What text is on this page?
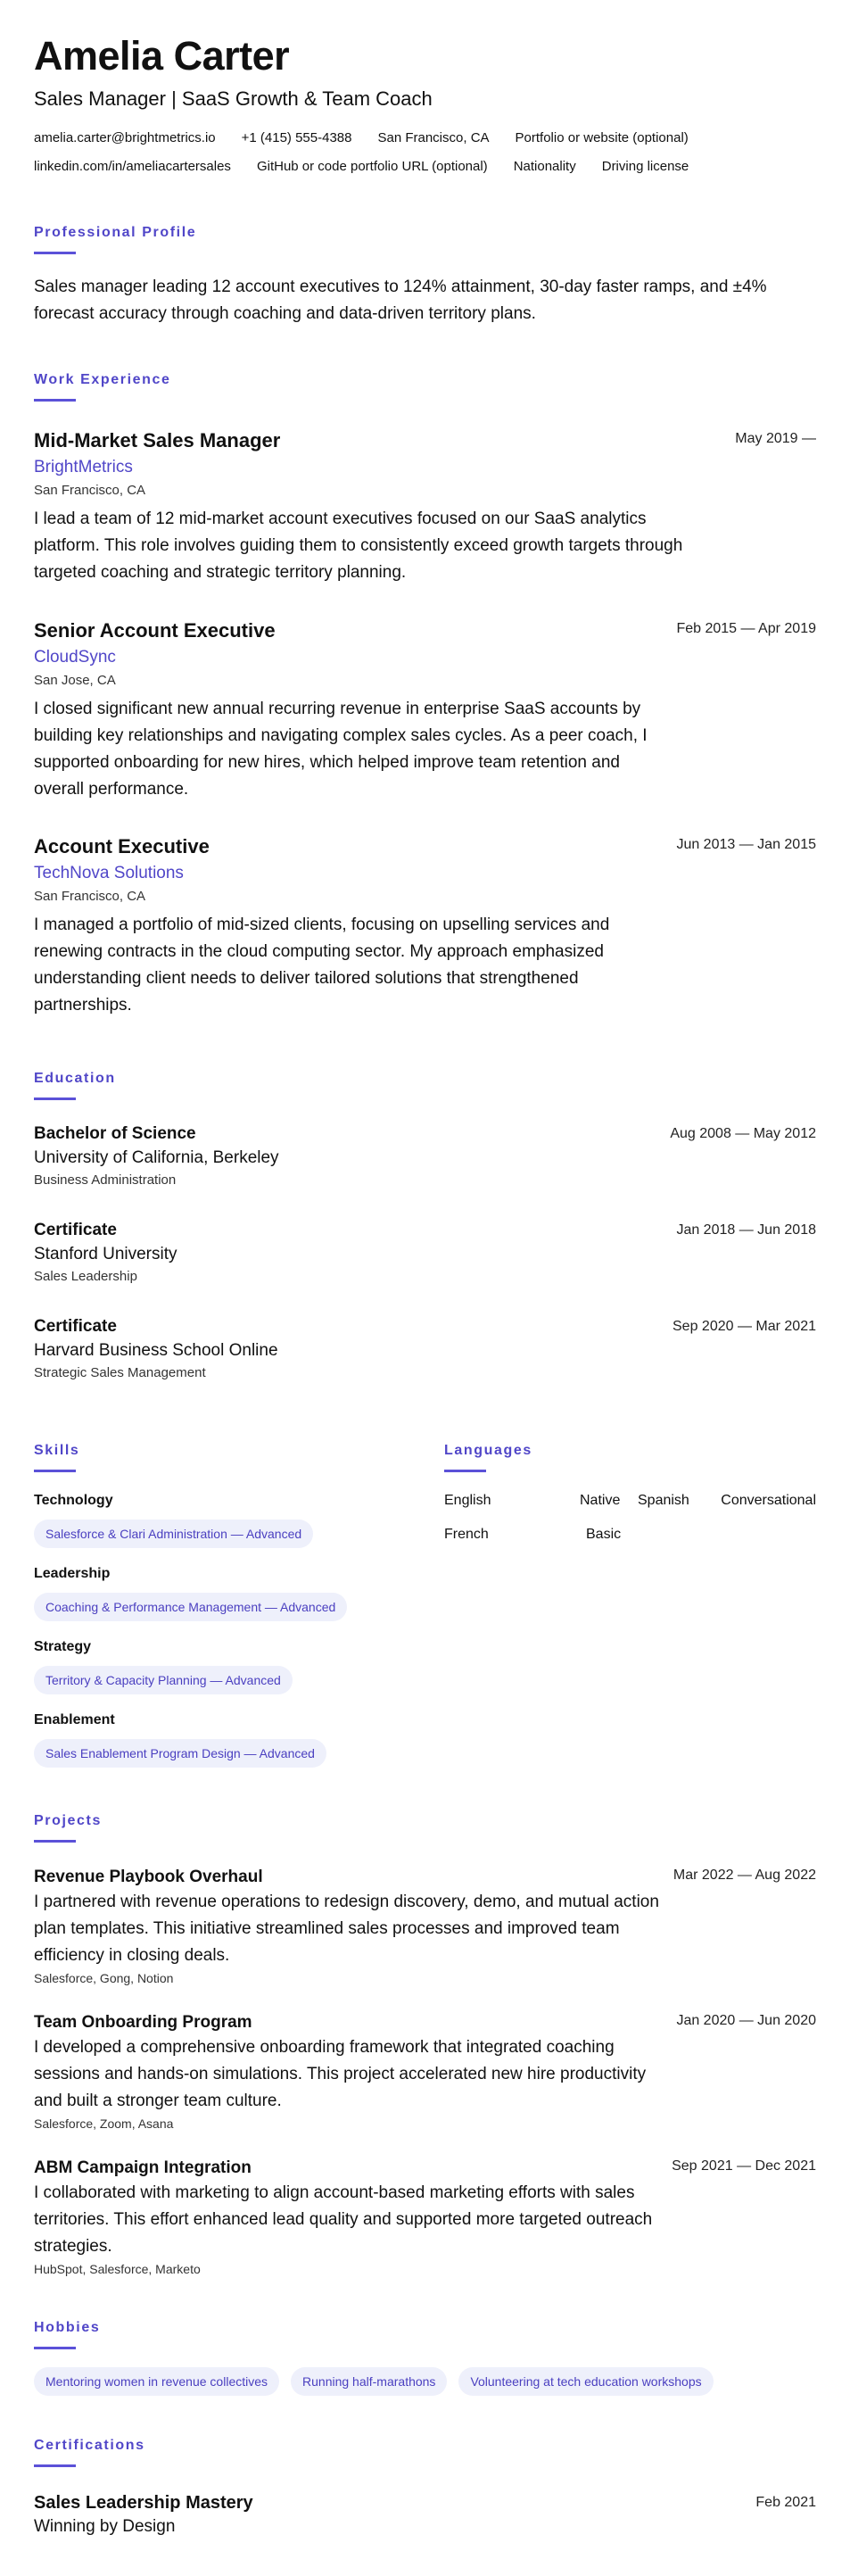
Amelia Carter
Sales Manager | SaaS Growth & Team Coach
amelia.carter@brightmetrics.io +1 (415) 555-4388 San Francisco, CA Portfolio or website (optional)
linkedin.com/in/ameliacartersales GitHub or code portfolio URL (optional) Nationality Driving license
Professional Profile

Sales manager leading 12 account executives to 124% attainment, 30-day faster ramps, and ±4% forecast accuracy through coaching and data-driven territory plans.

Work Experience
Mid-Market Sales Manager	May 2019 —
BrightMetrics
San Francisco, CA
I lead a team of 12 mid-market account executives focused on our SaaS analytics platform. This role involves guiding them to consistently exceed growth targets through targeted coaching and strategic territory planning.
Senior Account Executive	Feb 2015 — Apr 2019
CloudSync
San Jose, CA
I closed significant new annual recurring revenue in enterprise SaaS accounts by building key relationships and navigating complex sales cycles. As a peer coach, I supported onboarding for new hires, which helped improve team retention and overall performance.
Account Executive	Jun 2013 — Jan 2015
TechNova Solutions
San Francisco, CA
I managed a portfolio of mid-sized clients, focusing on upselling services and renewing contracts in the cloud computing sector. My approach emphasized understanding client needs to deliver tailored solutions that strengthened partnerships.
Education
Bachelor of Science	Aug 2008 — May 2012
University of California, Berkeley
Business Administration
Certificate	Jan 2018 — Jun 2018
Stanford University
Sales Leadership
Certificate	Sep 2020 — Mar 2021
Harvard Business School Online
Strategic Sales Management
Skills
Technology
Salesforce & Clari Administration — Advanced
Leadership
Coaching & Performance Management — Advanced
Strategy
Territory & Capacity Planning — Advanced
Enablement
Sales Enablement Program Design — Advanced
Languages
English	Native Spanish Conversational
French	Basic
Projects
Revenue Playbook Overhaul	Mar 2022 — Aug 2022
I partnered with revenue operations to redesign discovery, demo, and mutual action plan templates. This initiative streamlined sales processes and improved team efficiency in closing deals.
Salesforce, Gong, Notion
Team Onboarding Program	Jan 2020 — Jun 2020
I developed a comprehensive onboarding framework that integrated coaching sessions and hands-on simulations. This project accelerated new hire productivity and built a stronger team culture.
Salesforce, Zoom, Asana
ABM Campaign Integration	Sep 2021 — Dec 2021
I collaborated with marketing to align account-based marketing efforts with sales territories. This effort enhanced lead quality and supported more targeted outreach strategies.
HubSpot, Salesforce, Marketo
Hobbies
Mentoring women in revenue collectives	Running half-marathons	Volunteering at tech education workshops
Certifications
Sales Leadership Mastery	Feb 2021
Winning by Design
